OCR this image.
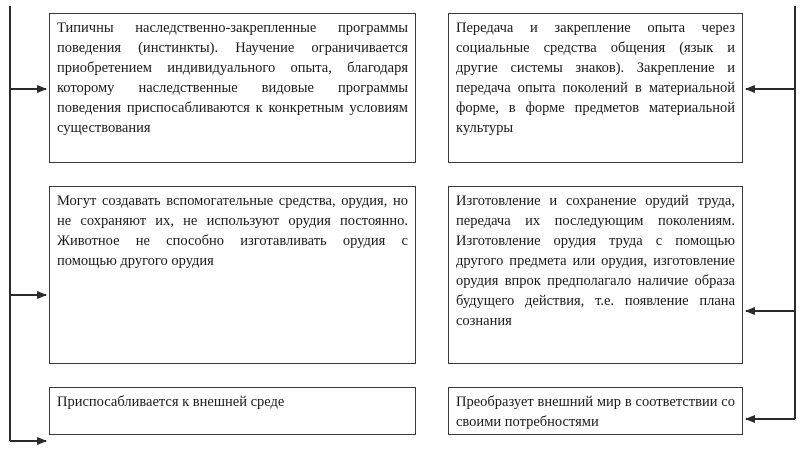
Типичны наследственно-закрепленные программы поведения (инстинкты). Научение ограничивается приобретением индивидуального опыта, благодаря которому наследственные видовые программы поведения приспосабливаются к конкретным условиям существования
Могут создавать вспомогательные средства, орудия, но не сохраняют их, не используют орудия постоянно. Животное не способно изготавливать орудия с помощью другого орудия
Приспосабливается к внешней среде
Передача и закрепление опыта через социальные средства общения (язык и другие системы знаков). Закрепление и передача опыта поколений в материальной форме, в форме предметов материальной культуры
Изготовление и сохранение орудий труда, передача их последующим поколениям. Изготовление орудия труда с помощью другого предмета или орудия, изготовление орудия впрок предполагало наличие образа будущего действия, т.е. появление плана сознания
Преобразует внешний мир в соответствии со своими потребностями
